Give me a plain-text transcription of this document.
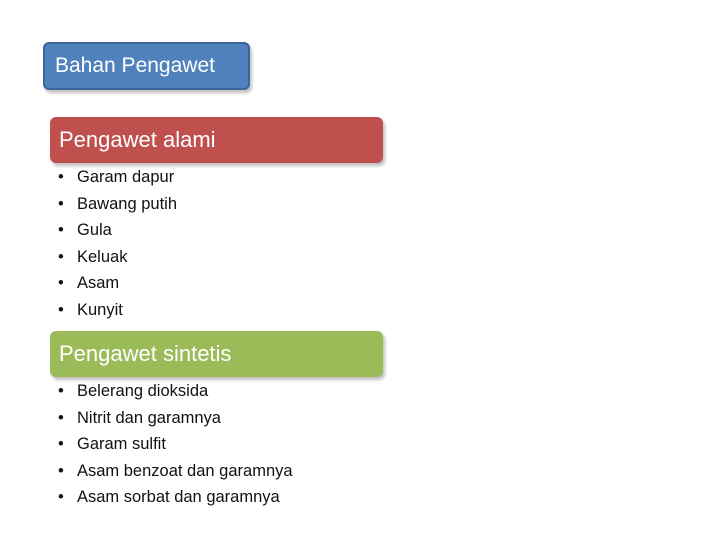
Bahan Pengawet
Pengawet alami
• Garam dapur
• Bawang putih
• Gula
• Keluak
• Asam
• Kunyit
Pengawet sintetis
• Belerang dioksida
• Nitrit dan garamnya
• Garam sulfit
• Asam benzoat dan garamnya
• Asam sorbat dan garamnya
